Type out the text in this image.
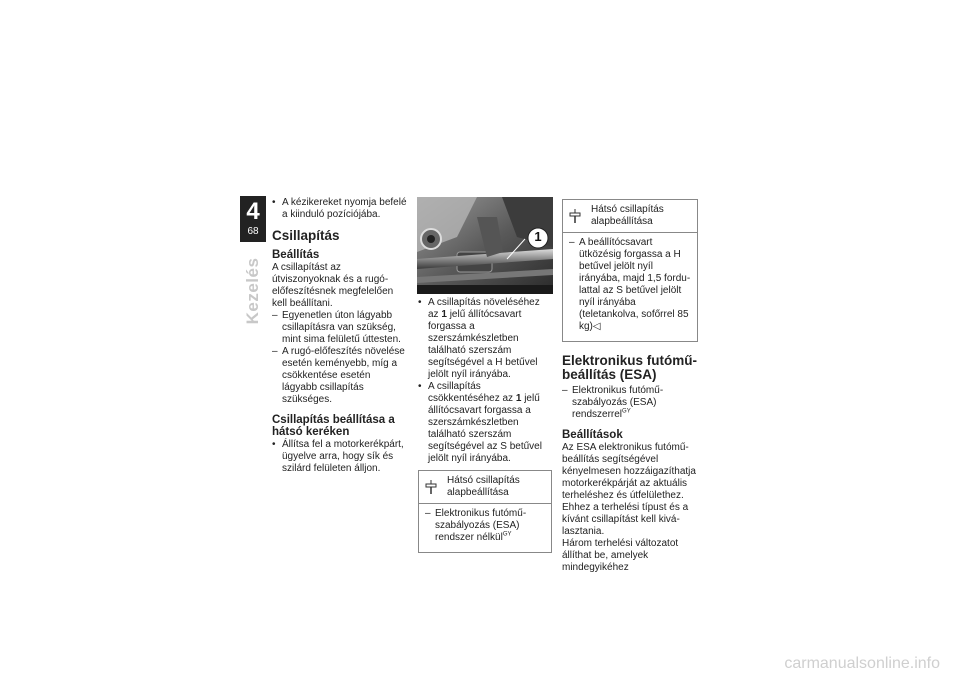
4
68
Kezelés
• A kézikereket nyomja befelé a kiinduló pozíciójába.
Csillapítás
Beállítás

A csillapítást az útviszonyoknak és a rugó-előfeszítésnek megfelelően kell beállítani.

– Egyenetlen úton lágyabb csillapításra van szükség, mint sima felületű úttesten.
– A rugó-előfeszítés növelése esetén keményebb, míg a csökkentése esetén lágyabb csillapítás szükséges.
Csillapítás beállítása a hátsó keréken
• Állítsa fel a motorkerékpárt, ügyelve arra, hogy sík és szilárd felületen álljon.
1
• A csillapítás növeléséhez az 1 jelű állítócsavart forgassa a szerszámkészletben található szerszám segítségével a H betűvel jelölt nyíl irányába.
• A csillapítás csökkentéséhez az 1 jelű állítócsavart forgassa a szerszámkészletben található szerszám segítségével az S betűvel jelölt nyíl irányába.
Hátsó csillapítás alapbeállítása
– Elektronikus futómű-szabályozás (ESA) rendszer nélkül$^{GY}$
Hátsó csillapítás alapbeállítása
– A beállítócsavart ütközésig forgassa a H betűvel jelölt nyíl irányába, majd 1,5 fordulattal az S betűvel jelölt nyíl irányába (teletankolva, sofőrrel 85 kg)◁
Elektronikus futóműbeállítás (ESA)
– Elektronikus futómű-szabályozás (ESA) rendszerrel$^{GY}$
Beállítások

Az ESA elektronikus futómű-beállítás segítségével kényelmesen hozzáigazíthatja motorkerékpárját az aktuális terheléshez és útfelülethez. Ehhez a terhelési típust és a kívánt csillapítást kell kiválasztania.

Három terhelési változatot állíthat be, amelyek mindegyikéhez

carmanualsonline.info
